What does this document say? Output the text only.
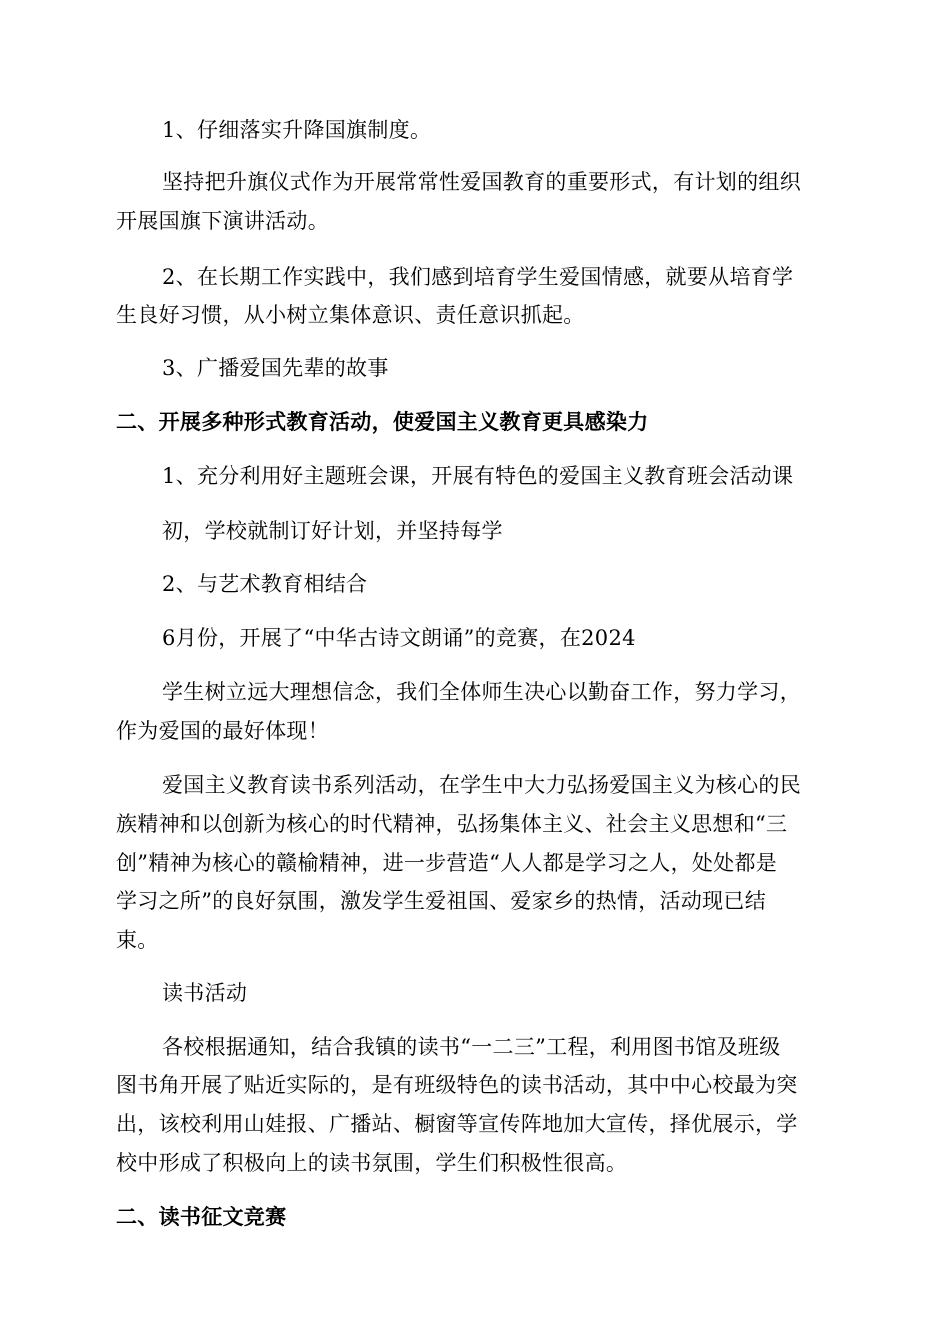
1、仔细落实升降国旗制度。
坚持把升旗仪式作为开展常常性爱国教育的重要形式，有计划的组织
开展国旗下演讲活动。
2、在长期工作实践中，我们感到培育学生爱国情感，就要从培育学
生良好习惯，从小树立集体意识、责任意识抓起。
3、广播爱国先辈的故事
二、开展多种形式教育活动，使爱国主义教育更具感染力
1、充分利用好主题班会课，开展有特色的爱国主义教育班会活动课
初，学校就制订好计划，并坚持每学
2、与艺术教育相结合
6月份，开展了“中华古诗文朗诵”的竞赛，在2024
学生树立远大理想信念，我们全体师生决心以勤奋工作，努力学习，
作为爱国的最好体现！
爱国主义教育读书系列活动，在学生中大力弘扬爱国主义为核心的民
族精神和以创新为核心的时代精神，弘扬集体主义、社会主义思想和“三
创”精神为核心的赣榆精神，进一步营造“人人都是学习之人，处处都是
学习之所”的良好氛围，激发学生爱祖国、爱家乡的热情，活动现已结
束。
读书活动
各校根据通知，结合我镇的读书“一二三”工程，利用图书馆及班级
图书角开展了贴近实际的，是有班级特色的读书活动，其中中心校最为突
出，该校利用山娃报、广播站、橱窗等宣传阵地加大宣传，择优展示，学
校中形成了积极向上的读书氛围，学生们积极性很高。
二、读书征文竞赛
